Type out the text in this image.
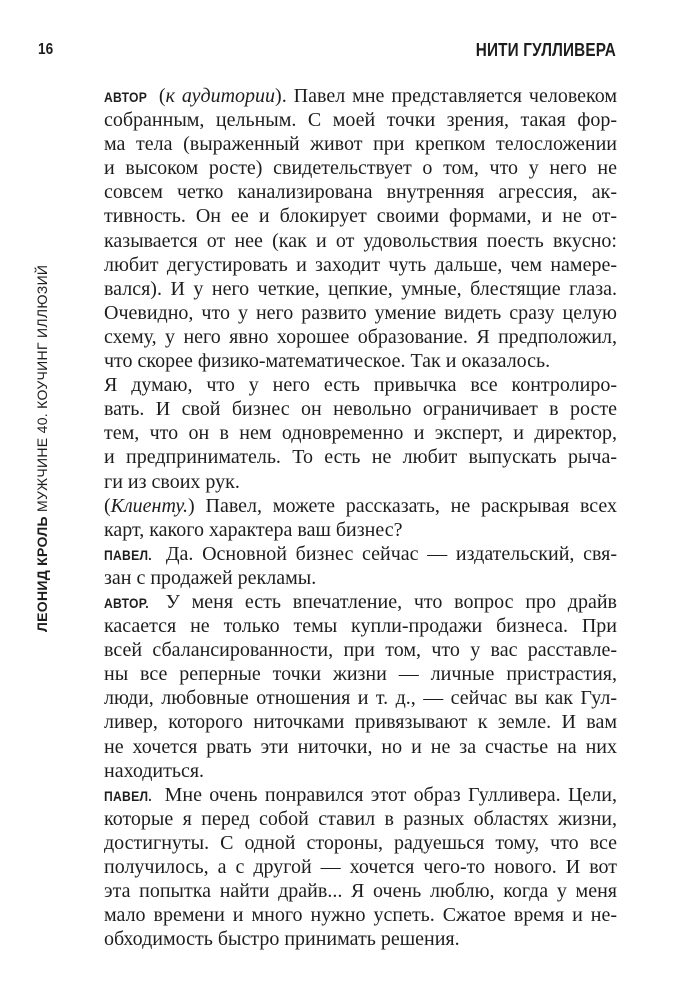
16	НИТИ ГУЛЛИВЕРА
ЛЕОНИД КРОЛЬ МУЖЧИНЕ 40. КОУЧИНГ ИЛЛЮЗИЙ
АВТОР (к аудитории). Павел мне представляется человеком
собранным, цельным. С моей точки зрения, такая фор-
ма тела (выраженный живот при крепком телосложении
и высоком росте) свидетельствует о том, что у него не
совсем четко канализирована внутренняя агрессия, ак-
тивность. Он ее и блокирует своими формами, и не от-
казывается от нее (как и от удовольствия поесть вкусно:
любит дегустировать и заходит чуть дальше, чем намере-
вался). И у него четкие, цепкие, умные, блестящие глаза.
Очевидно, что у него развито умение видеть сразу целую
схему, у него явно хорошее образование. Я предположил,
что скорее физико-математическое. Так и оказалось.
Я думаю, что у него есть привычка все контролиро-
вать. И свой бизнес он невольно ограничивает в росте
тем, что он в нем одновременно и эксперт, и директор,
и предприниматель. То есть не любит выпускать рыча-
ги из своих рук.
(Клиенту.) Павел, можете рассказать, не раскрывая всех
карт, какого характера ваш бизнес?
ПАВЕЛ. Да. Основной бизнес сейчас — издательский, свя-
зан с продажей рекламы.
АВТОР. У меня есть впечатление, что вопрос про драйв
касается не только темы купли-продажи бизнеса. При
всей сбалансированности, при том, что у вас расставле-
ны все реперные точки жизни — личные пристрастия,
люди, любовные отношения и т. д., — сейчас вы как Гул-
ливер, которого ниточками привязывают к земле. И вам
не хочется рвать эти ниточки, но и не за счастье на них
находиться.
ПАВЕЛ. Мне очень понравился этот образ Гулливера. Цели,
которые я перед собой ставил в разных областях жизни,
достигнуты. С одной стороны, радуешься тому, что все
получилось, а с другой — хочется чего-то нового. И вот
эта попытка найти драйв... Я очень люблю, когда у меня
мало времени и много нужно успеть. Сжатое время и не-
обходимость быстро принимать решения.
